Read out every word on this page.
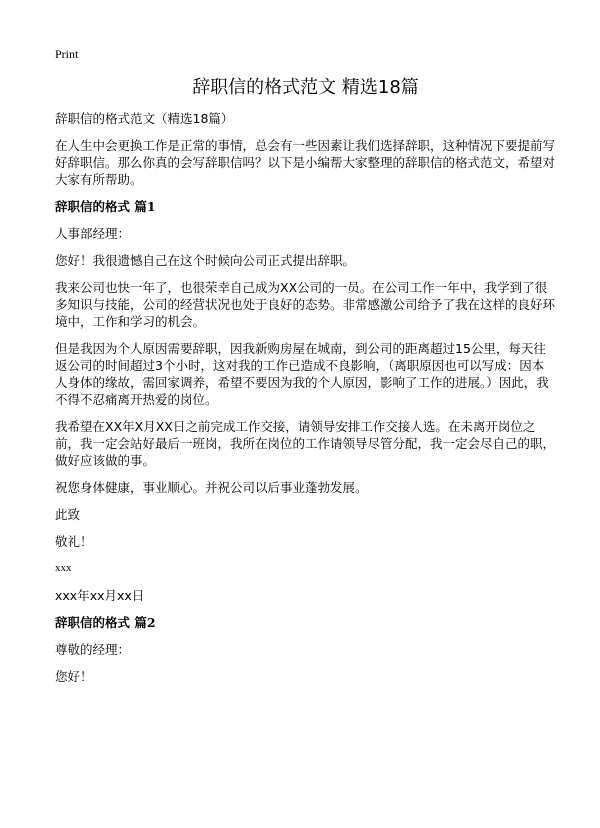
Print
辞职信的格式范文 精选18篇

辞职信的格式范文（精选18篇）

在人生中会更换工作是正常的事情，总会有一些因素让我们选择辞职，这种情况下要提前写好辞职信。那么你真的会写辞职信吗？以下是小编帮大家整理的辞职信的格式范文，希望对大家有所帮助。

辞职信的格式 篇1

人事部经理：

您好！我很遗憾自己在这个时候向公司正式提出辞职。

我来公司也快一年了，也很荣幸自己成为XX公司的一员。在公司工作一年中，我学到了很多知识与技能，公司的经营状况也处于良好的态势。非常感激公司给予了我在这样的良好环境中，工作和学习的机会。

但是我因为个人原因需要辞职，因我新购房屋在城南，到公司的距离超过15公里，每天往返公司的时间超过3个小时，这对我的工作已造成不良影响，（离职原因也可以写成：因本人身体的缘故，需回家调养，希望不要因为我的个人原因，影响了工作的进展。）因此，我不得不忍痛离开热爱的岗位。

我希望在XX年X月XX日之前完成工作交接，请领导安排工作交接人选。在未离开岗位之前，我一定会站好最后一班岗，我所在岗位的工作请领导尽管分配，我一定会尽自己的职，做好应该做的事。

祝您身体健康，事业顺心。并祝公司以后事业蓬勃发展。

此致

敬礼！

xxx

xxx年xx月xx日

辞职信的格式 篇2

尊敬的经理：

您好！
